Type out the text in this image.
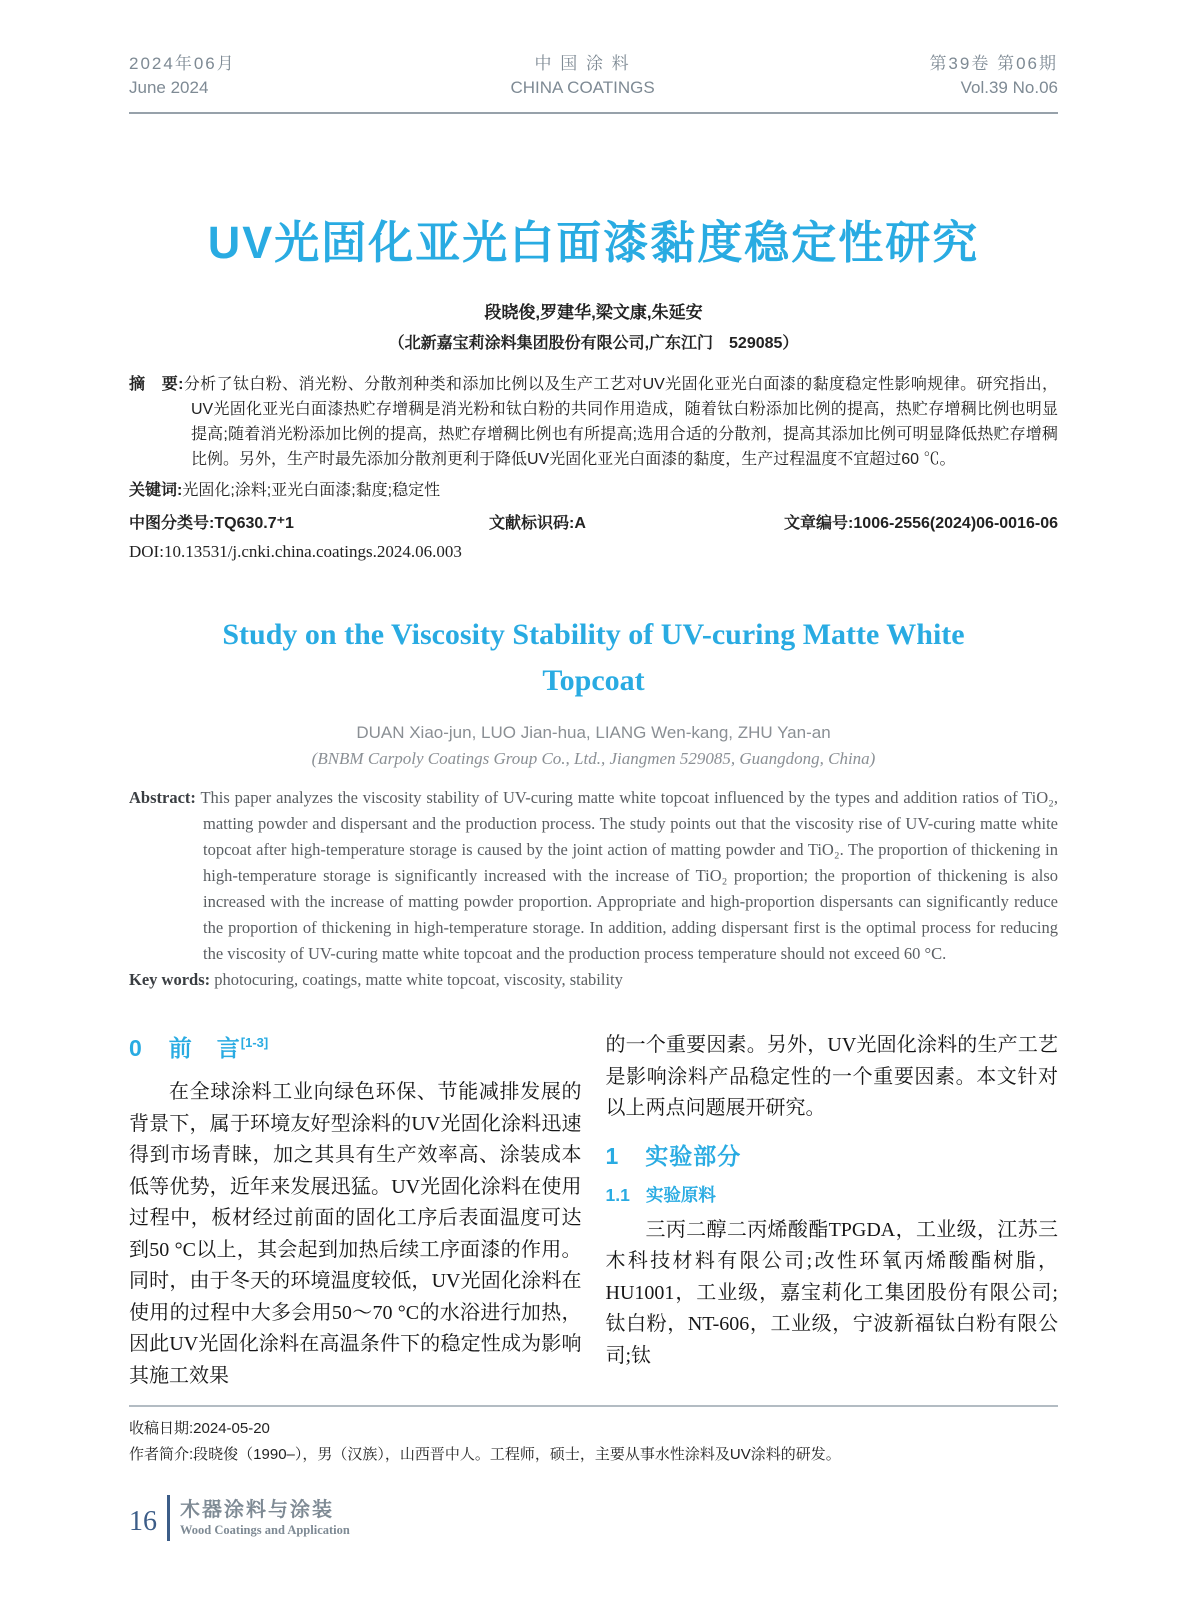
2024年06月
June 2024
中 国 涂 料
CHINA COATINGS
第39卷 第06期
Vol.39 No.06
UV光固化亚光白面漆黏度稳定性研究
段晓俊,罗建华,梁文康,朱延安
（北新嘉宝莉涂料集团股份有限公司,广东江门　529085）
摘　要:分析了钛白粉、消光粉、分散剂种类和添加比例以及生产工艺对UV光固化亚光白面漆的黏度稳定性影响规律。研究指出，UV光固化亚光白面漆热贮存增稠是消光粉和钛白粉的共同作用造成，随着钛白粉添加比例的提高，热贮存增稠比例也明显提高;随着消光粉添加比例的提高，热贮存增稠比例也有所提高;选用合适的分散剂，提高其添加比例可明显降低热贮存增稠比例。另外，生产时最先添加分散剂更利于降低UV光固化亚光白面漆的黏度，生产过程温度不宜超过60 ℃。
关键词:光固化;涂料;亚光白面漆;黏度;稳定性
中图分类号:TQ630.7⁺1	文献标识码:A	文章编号:1006-2556(2024)06-0016-06
DOI:10.13531/j.cnki.china.coatings.2024.06.003
Study on the Viscosity Stability of UV-curing Matte White
Topcoat
DUAN Xiao-jun, LUO Jian-hua, LIANG Wen-kang, ZHU Yan-an
(BNBM Carpoly Coatings Group Co., Ltd., Jiangmen 529085, Guangdong, China)
Abstract: This paper analyzes the viscosity stability of UV-curing matte white topcoat influenced by the types and addition ratios of TiO₂, matting powder and dispersant and the production process. The study points out that the viscosity rise of UV-curing matte white topcoat after high-temperature storage is caused by the joint action of matting powder and TiO₂. The proportion of thickening in high-temperature storage is significantly increased with the increase of TiO₂ proportion; the proportion of thickening is also increased with the increase of matting powder proportion. Appropriate and high-proportion dispersants can significantly reduce the proportion of thickening in high-temperature storage. In addition, adding dispersant first is the optimal process for reducing the viscosity of UV-curing matte white topcoat and the production process temperature should not exceed 60 °C.
Key words: photocuring, coatings, matte white topcoat, viscosity, stability
0 前　言[1-3]
在全球涂料工业向绿色环保、节能减排发展的背景下，属于环境友好型涂料的UV光固化涂料迅速得到市场青睐，加之其具有生产效率高、涂装成本低等优势，近年来发展迅猛。UV光固化涂料在使用过程中，板材经过前面的固化工序后表面温度可达到50 °C以上，其会起到加热后续工序面漆的作用。同时，由于冬天的环境温度较低，UV光固化涂料在使用的过程中大多会用50～70 °C的水浴进行加热，因此UV光固化涂料在高温条件下的稳定性成为影响其施工效果
的一个重要因素。另外，UV光固化涂料的生产工艺是影响涂料产品稳定性的一个重要因素。本文针对以上两点问题展开研究。
1 实验部分
1.1 实验原料
三丙二醇二丙烯酸酯TPGDA，工业级，江苏三木科技材料有限公司;改性环氧丙烯酸酯树脂，HU1001，工业级，嘉宝莉化工集团股份有限公司;钛白粉，NT-606，工业级，宁波新福钛白粉有限公司;钛
收稿日期:2024-05-20
作者简介:段晓俊（1990–），男（汉族），山西晋中人。工程师，硕士，主要从事水性涂料及UV涂料的研发。
16 木器涂料与涂装
Wood Coatings and Application
